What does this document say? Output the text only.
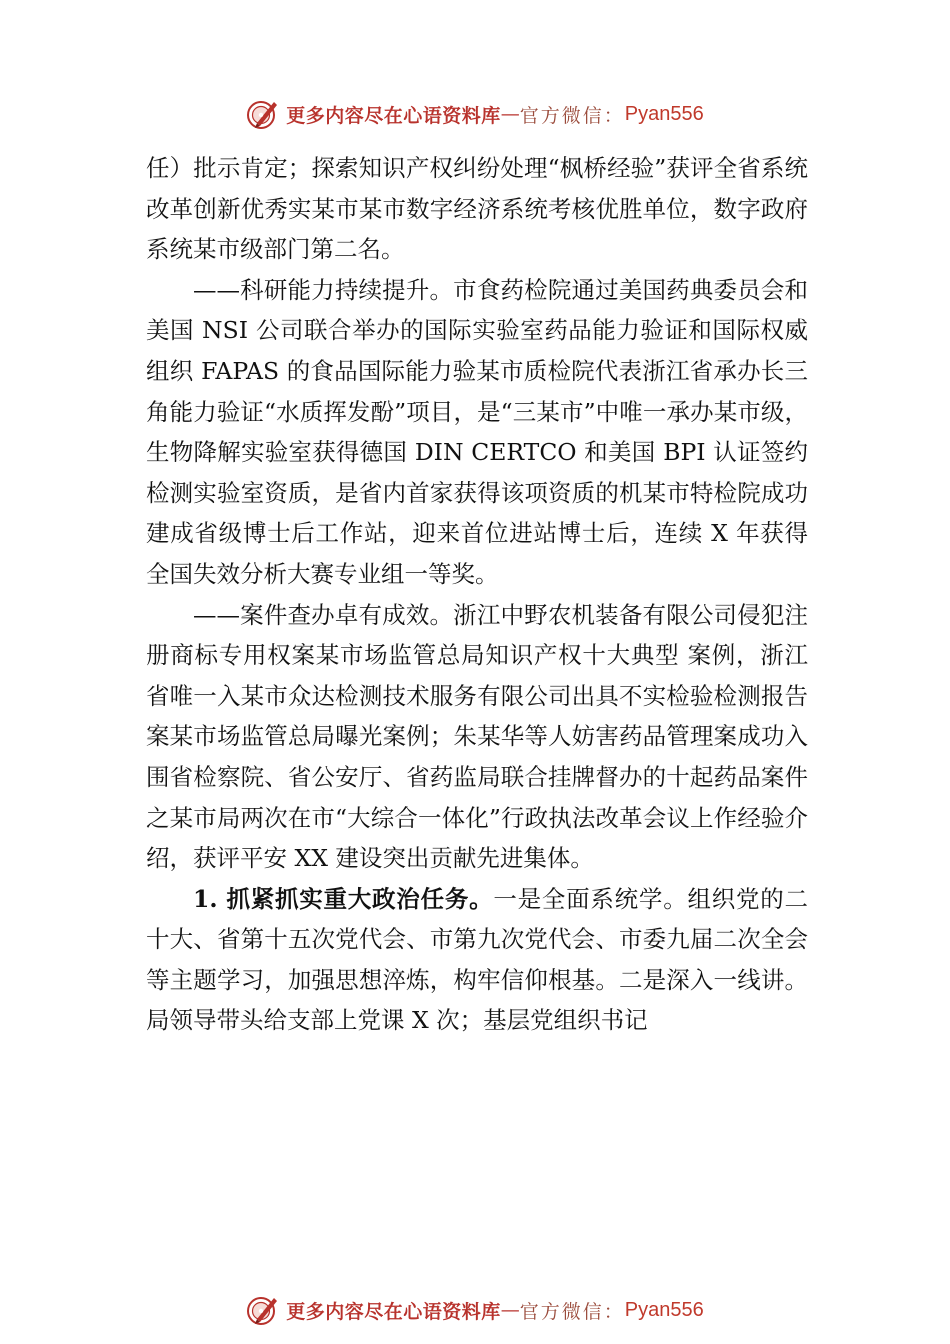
更多内容尽在心语资料库 — 官方微信： Pyan556

任）批示肯定；探索知识产权纠纷处理“枫桥经验”获评全省系统改革创新优秀实某市某市数字经济系统考核优胜单位，数字政府系统某市级部门第二名。

——科研能力持续提升。市食药检院通过美国药典委员会和美国 NSI 公司联合举办的国际实验室药品能力验证和国际权威组织 FAPAS 的食品国际能力验某市质检院代表浙江省承办长三角能力验证“水质挥发酚”项目，是“三某市”中唯一承办某市级，生物降解实验室获得德国 DIN CERTCO 和美国 BPI 认证签约检测实验室资质，是省内首家获得该项资质的机某市特检院成功建成省级博士后工作站，迎来首位进站博士后，连续 X 年获得全国失效分析大赛专业组一等奖。

——案件查办卓有成效。浙江中野农机装备有限公司侵犯注册商标专用权案某市场监管总局知识产权十大典型 案例，浙江省唯一入某市众达检测技术服务有限公司出具不实检验检测报告案某市场监管总局曝光案例；朱某华等人妨害药品管理案成功入围省检察院、省公安厅、省药监局联合挂牌督办的十起药品案件之某市局两次在市“大综合一体化”行政执法改革会议上作经验介绍，获评平安 XX 建设突出贡献先进集体。

1. 抓紧抓实重大政治任务。一是全面系统学。组织党的二十大、省第十五次党代会、市第九次党代会、市委九届二次全会等主题学习，加强思想淬炼，构牢信仰根基。二是深入一线讲。局领导带头给支部上党课 X 次；基层党组织书记

更多内容尽在心语资料库 — 官方微信： Pyan556
